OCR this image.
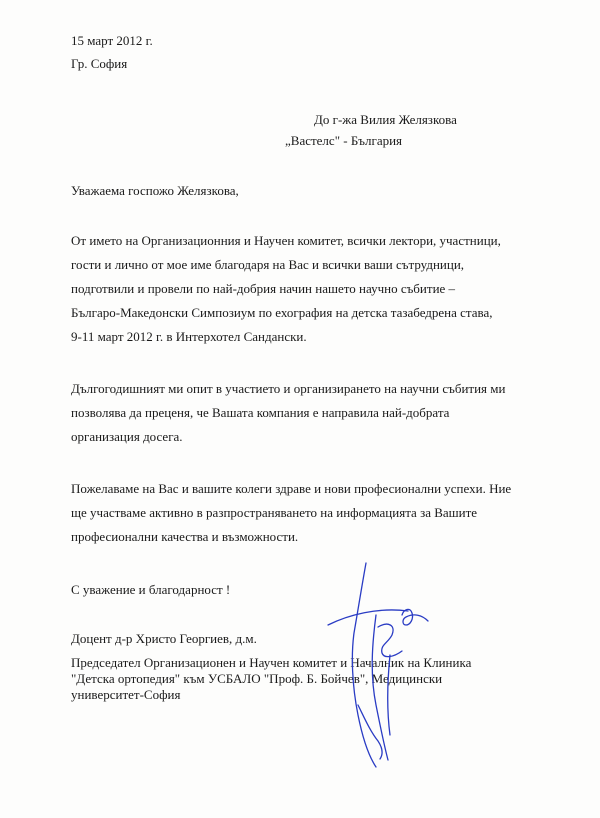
15 март 2012 г.
Гр. София
До г-жа Вилия Желязкова
„Вастелс" - България
Уважаема госпожо Желязкова,
От името на Организационния и Научен комитет, всички лектори, участници,
гости и лично от мое име благодаря на Вас и всички ваши сътрудници,
подготвили и провели по най-добрия начин нашето научно събитие –
Българо-Македонски Симпозиум по ехография на детска тазабедрена става,
9-11 март 2012 г. в Интерхотел Сандански.
Дългогодишният ми опит в участието и организирането на научни събития ми
позволява да преценя, че Вашата компания е направила най-добрата
организация досега.
Пожелаваме на Вас и вашите колеги здраве и нови професионални успехи. Ние
ще участваме активно в разпространяването на информацията за Вашите
професионални качества и възможности.
С уважение и благодарност !
Доцент д-р Христо Георгиев, д.м.
Председател Организационен и Научен комитет и Началник на Клиника
"Детска ортопедия" към УСБАЛО "Проф. Б. Бойчев", Медицински
университет-София
